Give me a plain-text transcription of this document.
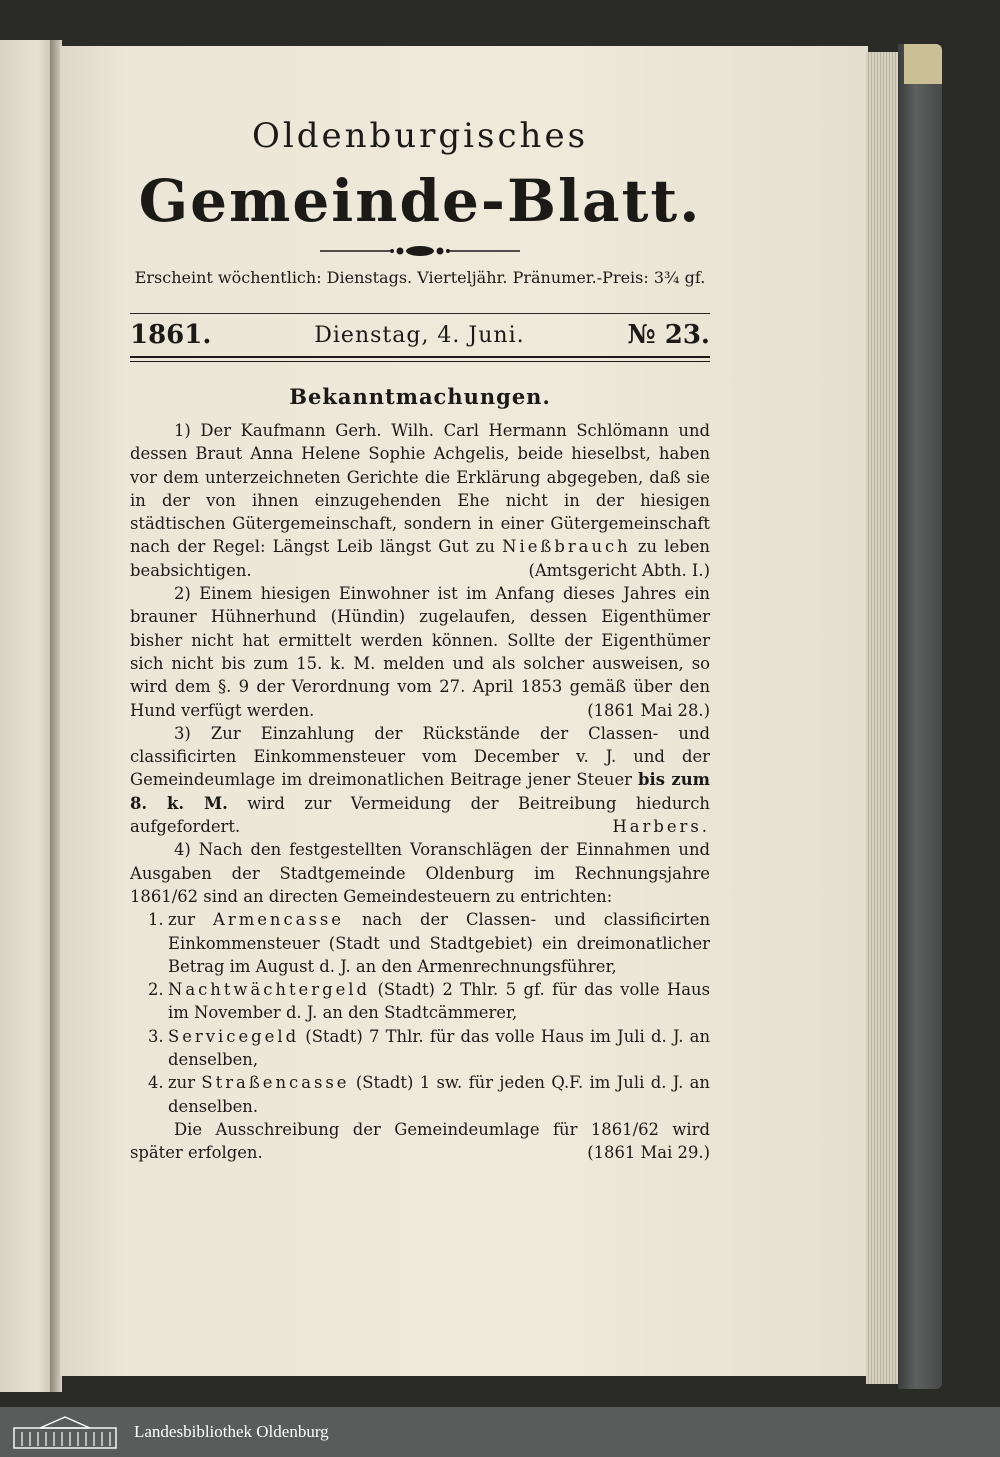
Oldenburgisches
Gemeinde-Blatt.
Erscheint wöchentlich: Dienstags. Vierteljähr. Pränumer.-Preis: 3¾ gf.
1861.	Dienstag, 4. Juni.	№ 23.
Bekanntmachungen.

1) Der Kaufmann Gerh. Wilh. Carl Hermann Schlömann und dessen Braut Anna Helene Sophie Achgelis, beide hieselbst, haben vor dem unterzeichneten Gerichte die Erklärung abgegeben, daß sie in der von ihnen einzugehenden Ehe nicht in der hiesigen städtischen Gütergemeinschaft, sondern in einer Gütergemeinschaft nach der Regel: Längst Leib längst Gut zu Nießbrauch zu leben beabsichtigen.	(Amtsgericht Abth. I.)

2) Einem hiesigen Einwohner ist im Anfang dieses Jahres ein brauner Hühnerhund (Hündin) zugelaufen, dessen Eigenthümer bisher nicht hat ermittelt werden können. Sollte der Eigenthümer sich nicht bis zum 15. k. M. melden und als solcher ausweisen, so wird dem §. 9 der Verordnung vom 27. April 1853 gemäß über den Hund verfügt werden.	(1861 Mai 28.)

3) Zur Einzahlung der Rückstände der Classen- und classificirten Einkommensteuer vom December v. J. und der Gemeindeumlage im dreimonatlichen Beitrage jener Steuer bis zum 8. k. M. wird zur Vermeidung der Beitreibung hiedurch aufgefordert.	Harbers.

4) Nach den festgestellten Voranschlägen der Einnahmen und Ausgaben der Stadtgemeinde Oldenburg im Rechnungsjahre 1861/62 sind an directen Gemeindesteuern zu entrichten:

1. zur Armencasse nach der Classen- und classificirten Einkommensteuer (Stadt und Stadtgebiet) ein dreimonatlicher Betrag im August d. J. an den Armenrechnungsführer,
2. Nachtwächtergeld (Stadt) 2 Thlr. 5 gf. für das volle Haus im November d. J. an den Stadtcämmerer,
3. Servicegeld (Stadt) 7 Thlr. für das volle Haus im Juli d. J. an denselben,
4. zur Straßencasse (Stadt) 1 sw. für jeden Q.F. im Juli d. J. an denselben.

Die Ausschreibung der Gemeindeumlage für 1861/62 wird später erfolgen.	(1861 Mai 29.)

Landesbibliothek Oldenburg
